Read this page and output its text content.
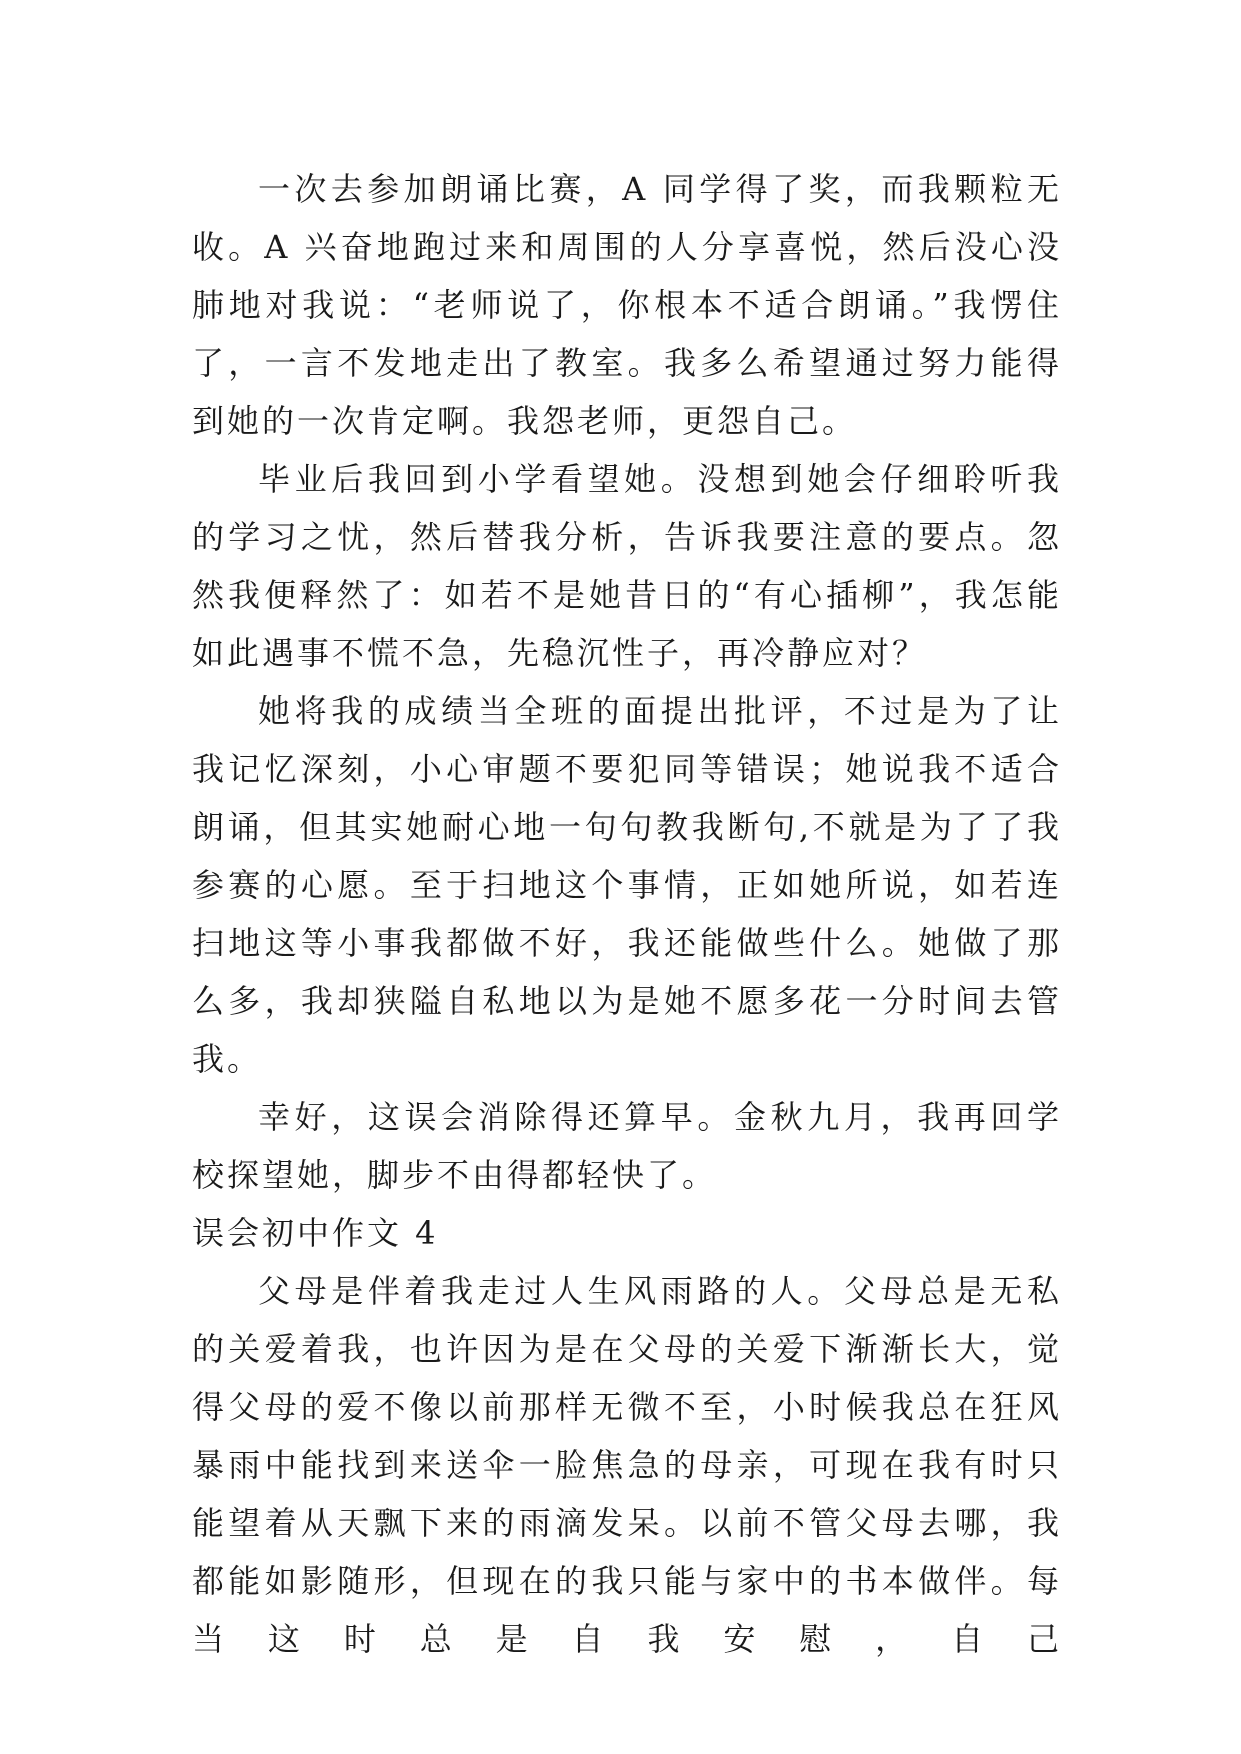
一次去参加朗诵比赛，A 同学得了奖，而我颗粒无收。A 兴奋地跑过来和周围的人分享喜悦，然后没心没肺地对我说：“老师说了，你根本不适合朗诵。”我愣住了，一言不发地走出了教室。我多么希望通过努力能得到她的一次肯定啊。我怨老师，更怨自己。

毕业后我回到小学看望她。没想到她会仔细聆听我的学习之忧，然后替我分析，告诉我要注意的要点。忽然我便释然了：如若不是她昔日的“有心插柳”，我怎能如此遇事不慌不急，先稳沉性子，再冷静应对？

她将我的成绩当全班的面提出批评，不过是为了让我记忆深刻，小心审题不要犯同等错误；她说我不适合朗诵，但其实她耐心地一句句教我断句,不就是为了了我参赛的心愿。至于扫地这个事情，正如她所说，如若连扫地这等小事我都做不好，我还能做些什么。她做了那么多，我却狭隘自私地以为是她不愿多花一分时间去管我。

幸好，这误会消除得还算早。金秋九月，我再回学校探望她，脚步不由得都轻快了。

误会初中作文 4

父母是伴着我走过人生风雨路的人。父母总是无私的关爱着我，也许因为是在父母的关爱下渐渐长大，觉得父母的爱不像以前那样无微不至，小时候我总在狂风暴雨中能找到来送伞一脸焦急的母亲，可现在我有时只能望着从天飘下来的雨滴发呆。以前不管父母去哪，我都能如影随形，但现在的我只能与家中的书本做伴。每当这时总是自我安慰，自己
